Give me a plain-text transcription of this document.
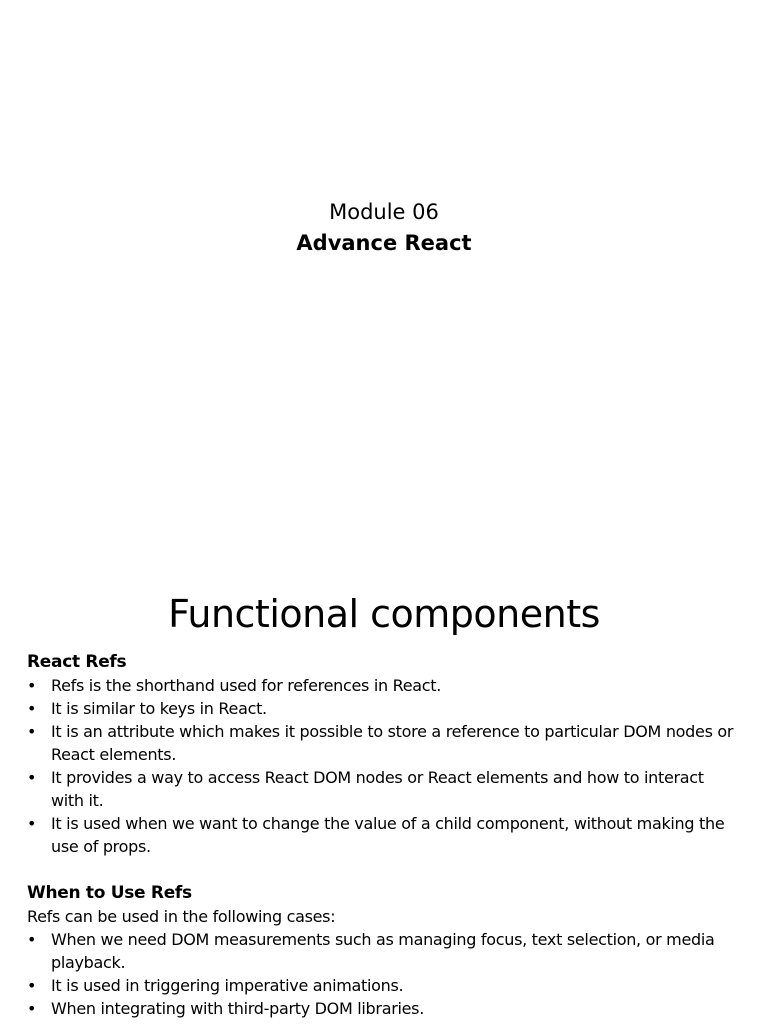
Module 06
Advance React
Functional components
React Refs
• Refs is the shorthand used for references in React.
• It is similar to keys in React.
• It is an attribute which makes it possible to store a reference to particular DOM nodes or React elements.
• It provides a way to access React DOM nodes or React elements and how to interact with it.
• It is used when we want to change the value of a child component, without making the use of props.
When to Use Refs
Refs can be used in the following cases:
• When we need DOM measurements such as managing focus, text selection, or media playback.
• It is used in triggering imperative animations.
• When integrating with third-party DOM libraries.
